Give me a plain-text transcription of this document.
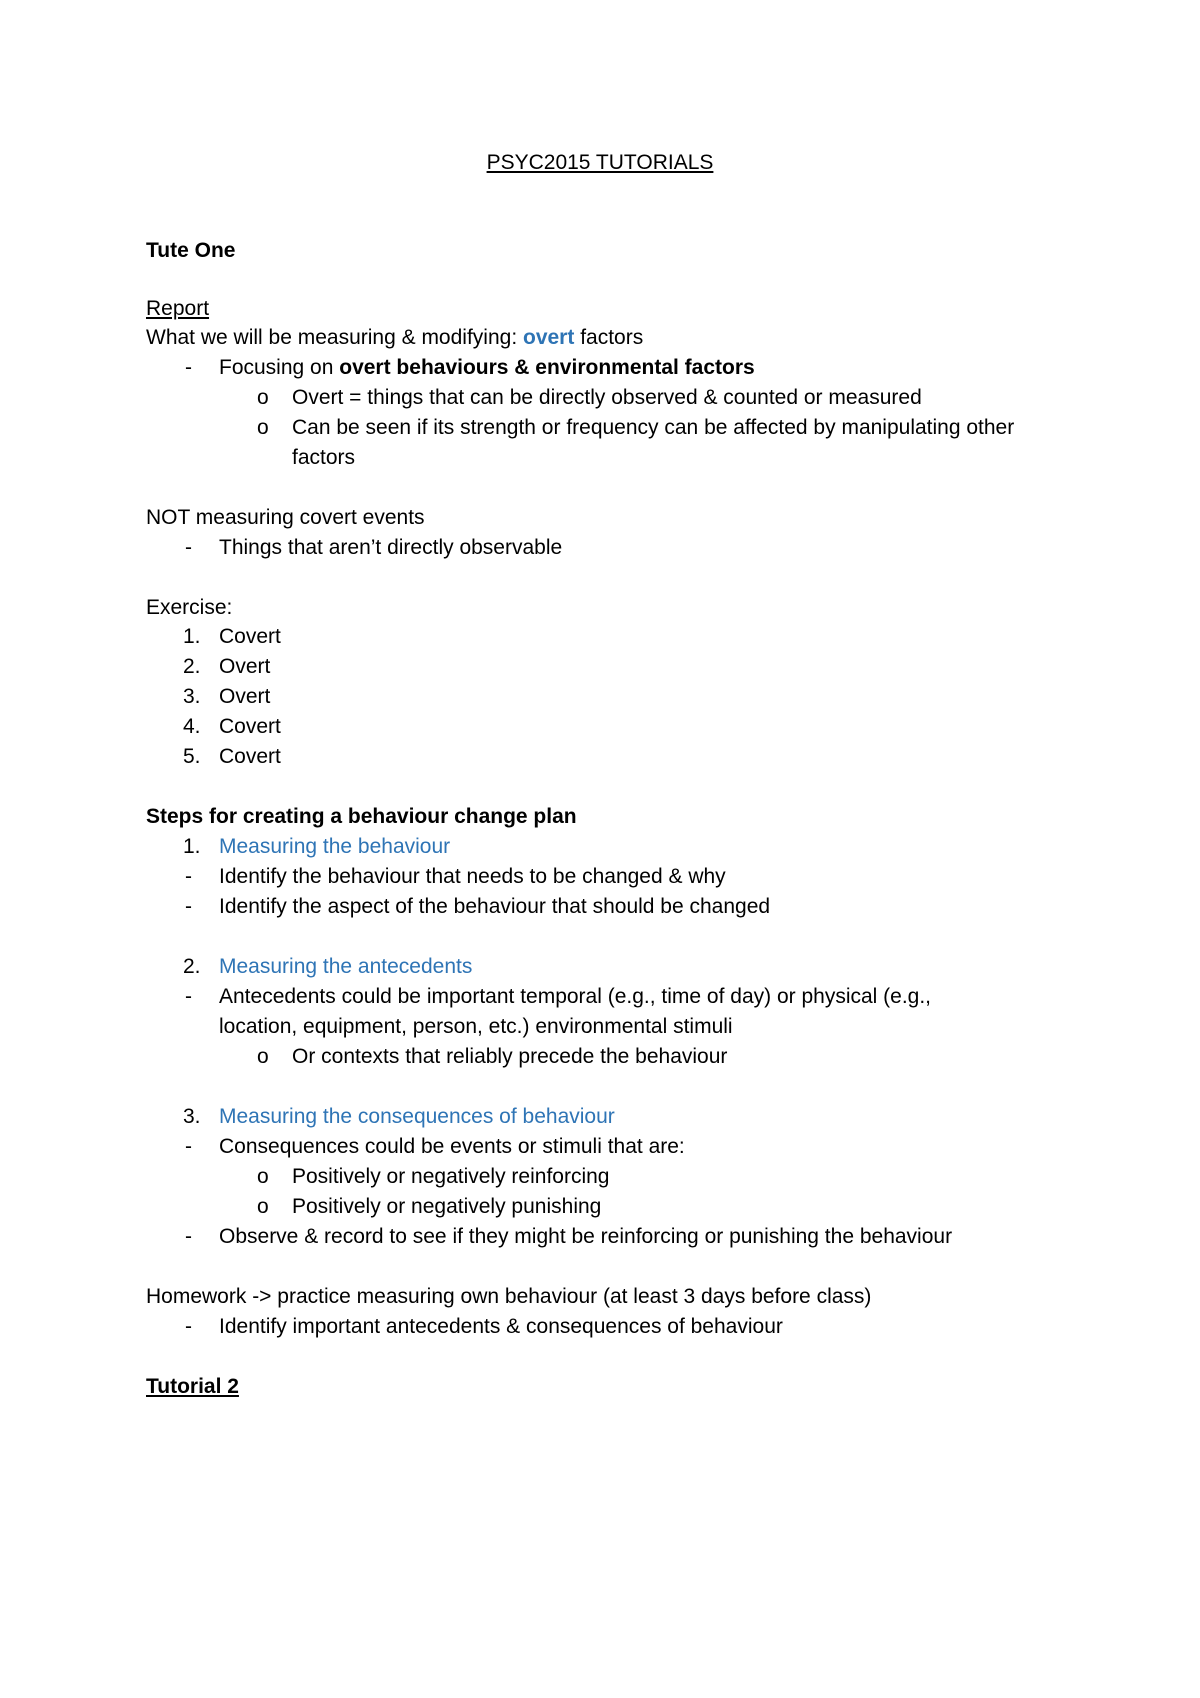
PSYC2015 TUTORIALS
Tute One
Report
What we will be measuring & modifying: overt factors
- Focusing on overt behaviours & environmental factors
o Overt = things that can be directly observed & counted or measured
o Can be seen if its strength or frequency can be affected by manipulating other
factors
NOT measuring covert events
- Things that aren’t directly observable
Exercise:
1. Covert
2. Overt
3. Overt
4. Covert
5. Covert
Steps for creating a behaviour change plan
1. Measuring the behaviour
- Identify the behaviour that needs to be changed & why
- Identify the aspect of the behaviour that should be changed
2. Measuring the antecedents
- Antecedents could be important temporal (e.g., time of day) or physical (e.g.,
location, equipment, person, etc.) environmental stimuli
o Or contexts that reliably precede the behaviour
3. Measuring the consequences of behaviour
- Consequences could be events or stimuli that are:
o Positively or negatively reinforcing
o Positively or negatively punishing
- Observe & record to see if they might be reinforcing or punishing the behaviour
Homework -> practice measuring own behaviour (at least 3 days before class)
- Identify important antecedents & consequences of behaviour
Tutorial 2
